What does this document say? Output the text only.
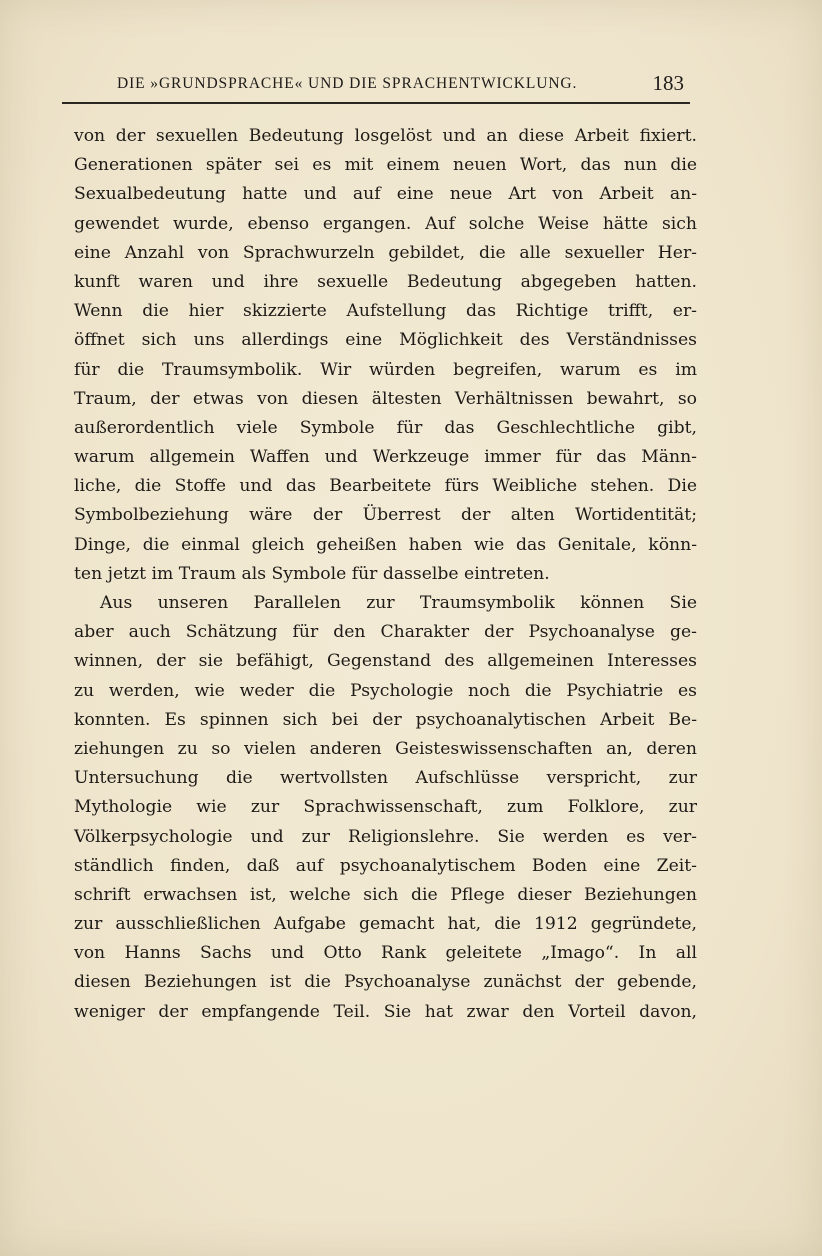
DIE »GRUNDSPRACHE« UND DIE SPRACHENTWICKLUNG.	183
von der sexuellen Bedeutung losgelöst und an diese Arbeit fixiert.
Generationen später sei es mit einem neuen Wort, das nun die
Sexualbedeutung hatte und auf eine neue Art von Arbeit an-
gewendet wurde, ebenso ergangen. Auf solche Weise hätte sich
eine Anzahl von Sprachwurzeln gebildet, die alle sexueller Her-
kunft waren und ihre sexuelle Bedeutung abgegeben hatten.
Wenn die hier skizzierte Aufstellung das Richtige trifft, er-
öffnet sich uns allerdings eine Möglichkeit des Verständnisses
für die Traumsymbolik. Wir würden begreifen, warum es im
Traum, der etwas von diesen ältesten Verhältnissen bewahrt, so
außerordentlich viele Symbole für das Geschlechtliche gibt,
warum allgemein Waffen und Werkzeuge immer für das Männ-
liche, die Stoffe und das Bearbeitete fürs Weibliche stehen. Die
Symbolbeziehung wäre der Überrest der alten Wortidentität;
Dinge, die einmal gleich geheißen haben wie das Genitale, könn-
ten jetzt im Traum als Symbole für dasselbe eintreten.
Aus unseren Parallelen zur Traumsymbolik können Sie
aber auch Schätzung für den Charakter der Psychoanalyse ge-
winnen, der sie befähigt, Gegenstand des allgemeinen Interesses
zu werden, wie weder die Psychologie noch die Psychiatrie es
konnten. Es spinnen sich bei der psychoanalytischen Arbeit Be-
ziehungen zu so vielen anderen Geisteswissenschaften an, deren
Untersuchung die wertvollsten Aufschlüsse verspricht, zur
Mythologie wie zur Sprachwissenschaft, zum Folklore, zur
Völkerpsychologie und zur Religionslehre. Sie werden es ver-
ständlich finden, daß auf psychoanalytischem Boden eine Zeit-
schrift erwachsen ist, welche sich die Pflege dieser Beziehungen
zur ausschließlichen Aufgabe gemacht hat, die 1912 gegründete,
von Hanns Sachs und Otto Rank geleitete „Imago“. In all
diesen Beziehungen ist die Psychoanalyse zunächst der gebende,
weniger der empfangende Teil. Sie hat zwar den Vorteil davon,
